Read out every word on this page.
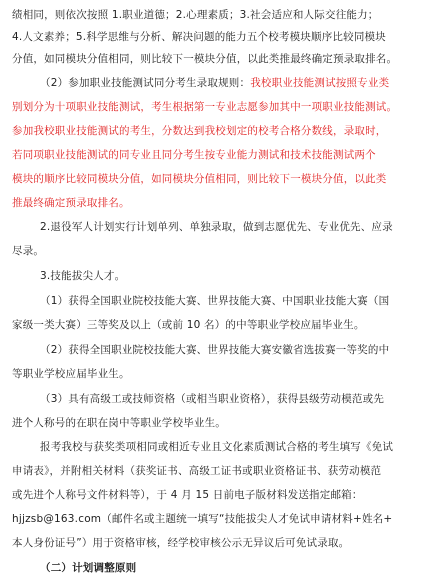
绩相同，则依次按照 1.职业道德；2.心理素质；3.社会适应和人际交往能力；
4.人文素养；5.科学思维与分析、解决问题的能力五个校考模块顺序比较同模块
分值，如同模块分值相同，则比较下一模块分值，以此类推最终确定预录取排名。
（2）参加职业技能测试同分考生录取规则：我校职业技能测试按照专业类
别划分为十项职业技能测试，考生根据第一专业志愿参加其中一项职业技能测试。
参加我校职业技能测试的考生，分数达到我校划定的校考合格分数线，录取时，
若同项职业技能测试的同专业且同分考生按专业能力测试和技术技能测试两个
模块的顺序比较同模块分值，如同模块分值相同，则比较下一模块分值，以此类
推最终确定预录取排名。
2.退役军人计划实行计划单列、单独录取，做到志愿优先、专业优先、应录
尽录。
3.技能拔尖人才。
（1）获得全国职业院校技能大赛、世界技能大赛、中国职业技能大赛（国
家级一类大赛）三等奖及以上（或前 10 名）的中等职业学校应届毕业生。
（2）获得全国职业院校技能大赛、世界技能大赛安徽省选拔赛一等奖的中
等职业学校应届毕业生。
（3）具有高级工或技师资格（或相当职业资格），获得县级劳动模范或先
进个人称号的在职在岗中等职业学校毕业生。
报考我校与获奖类项相同或相近专业且文化素质测试合格的考生填写《免试
申请表》，并附相关材料（获奖证书、高级工证书或职业资格证书、获劳动模范
或先进个人称号文件材料等），于 4 月 15 日前电子版材料发送指定邮箱：
hjjzsb@163.com（邮件名或主题统一填写“技能拔尖人才免试申请材料+姓名+
本人身份证号”）用于资格审核，经学校审核公示无异议后可免试录取。
（二）计划调整原则
